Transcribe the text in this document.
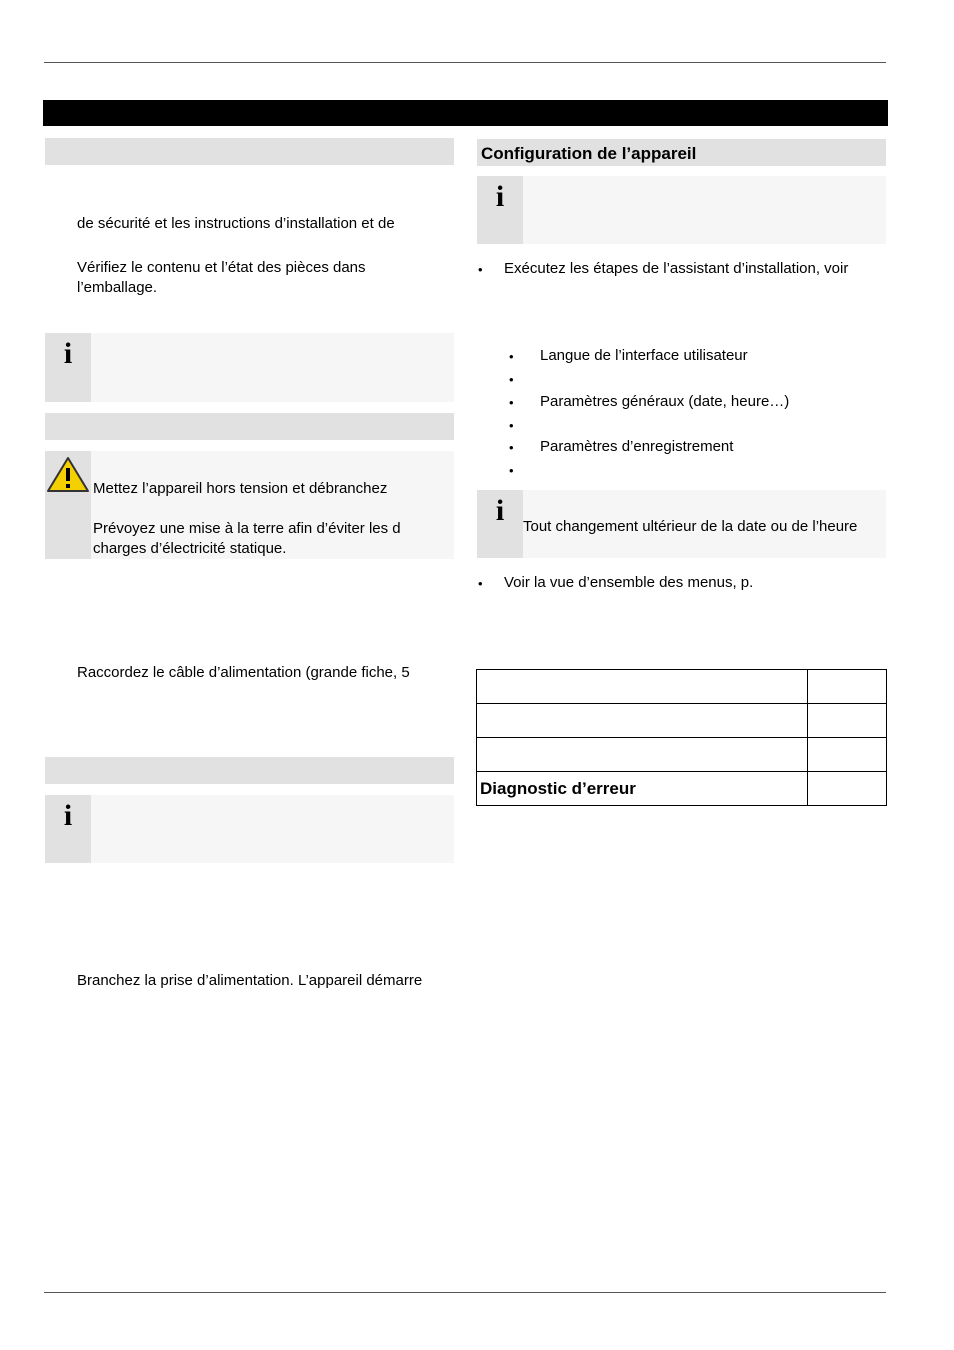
de sécurité et les instructions d’installation et de
Vérifiez le contenu et l’état des pièces dans
l’emballage.
i
Mettez l’appareil hors tension et débranchez
Prévoyez une mise à la terre afin d’éviter les d
charges d’électricité statique.
Raccordez le câble d’alimentation (grande fiche, 5
i
Branchez la prise d’alimentation. L’appareil démarre
Configuration de l’appareil
i
• Exécutez les étapes de l’assistant d’installation, voir
• Langue de l’interface utilisateur
•
• Paramètres généraux (date, heure…)
•
• Paramètres d’enregistrement
•
i	Tout changement ultérieur de la date ou de l’heure
• Voir la vue d’ensemble des menus, p.

Diagnostic d’erreur	
